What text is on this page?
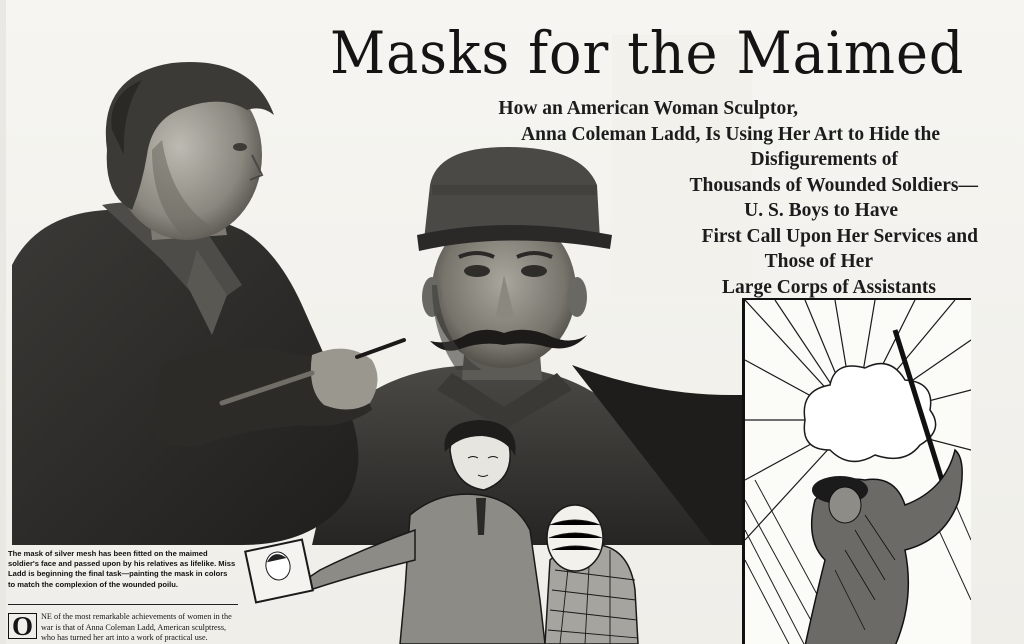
Masks for the Maimed
How an American Woman Sculptor,
Anna Coleman Ladd, Is Using Her Art to Hide the
Disfigurements of
Thousands of Wounded Soldiers—
U. S. Boys to Have
First Call Upon Her Services and
Those of Her
Large Corps of Assistants
The mask of silver mesh has been fitted on the maimed soldier's face and passed upon by his relatives as lifelike. Miss Ladd is beginning the final task—painting the mask in colors to match the complexion of the wounded poilu.
O NE of the most remarkable achievements of women in the
war is that of Anna Coleman Ladd, American sculptress,
who has turned her art into a work of practical use.
